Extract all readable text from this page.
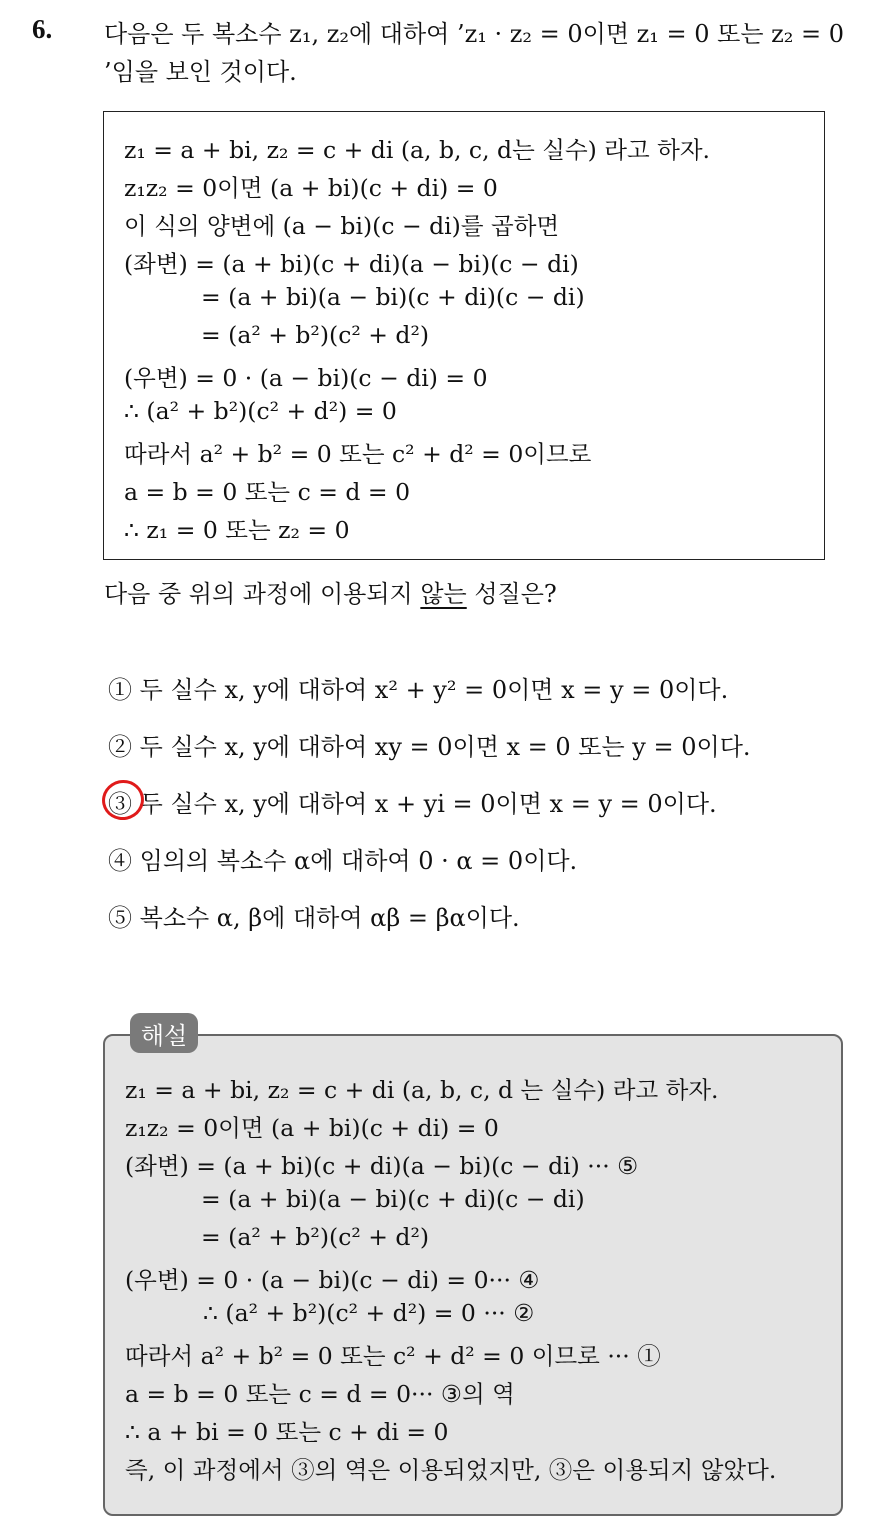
6. 다음은 두 복소수 z₁, z₂에 대하여 ’z₁ · z₂ = 0이면 z₁ = 0 또는 z₂ = 0
’임을 보인 것이다.
z₁ = a + bi, z₂ = c + di (a, b, c, d는 실수) 라고 하자.
z₁z₂ = 0이면 (a + bi)(c + di) = 0
이 식의 양변에 (a − bi)(c − di)를 곱하면
(좌변) = (a + bi)(c + di)(a − bi)(c − di)
= (a + bi)(a − bi)(c + di)(c − di)
= (a² + b²)(c² + d²)
(우변) = 0 · (a − bi)(c − di) = 0
∴ (a² + b²)(c² + d²) = 0
따라서 a² + b² = 0 또는 c² + d² = 0이므로
a = b = 0 또는 c = d = 0
∴ z₁ = 0 또는 z₂ = 0
다음 중 위의 과정에 이용되지 않는 성질은?
① 두 실수 x, y에 대하여 x² + y² = 0이면 x = y = 0이다.
② 두 실수 x, y에 대하여 xy = 0이면 x = 0 또는 y = 0이다.
③ 두 실수 x, y에 대하여 x + yi = 0이면 x = y = 0이다.
④ 임의의 복소수 α에 대하여 0 · α = 0이다.
⑤ 복소수 α, β에 대하여 αβ = βα이다.
해설
z₁ = a + bi, z₂ = c + di (a, b, c, d 는 실수) 라고 하자.
z₁z₂ = 0이면 (a + bi)(c + di) = 0
(좌변) = (a + bi)(c + di)(a − bi)(c − di) ··· ⑤
= (a + bi)(a − bi)(c + di)(c − di)
= (a² + b²)(c² + d²)
(우변) = 0 · (a − bi)(c − di) = 0··· ④
∴ (a² + b²)(c² + d²) = 0 ··· ②
따라서 a² + b² = 0 또는 c² + d² = 0 이므로 ··· ①
a = b = 0 또는 c = d = 0··· ③의 역
∴ a + bi = 0 또는 c + di = 0
즉, 이 과정에서 ③의 역은 이용되었지만, ③은 이용되지 않았다.
